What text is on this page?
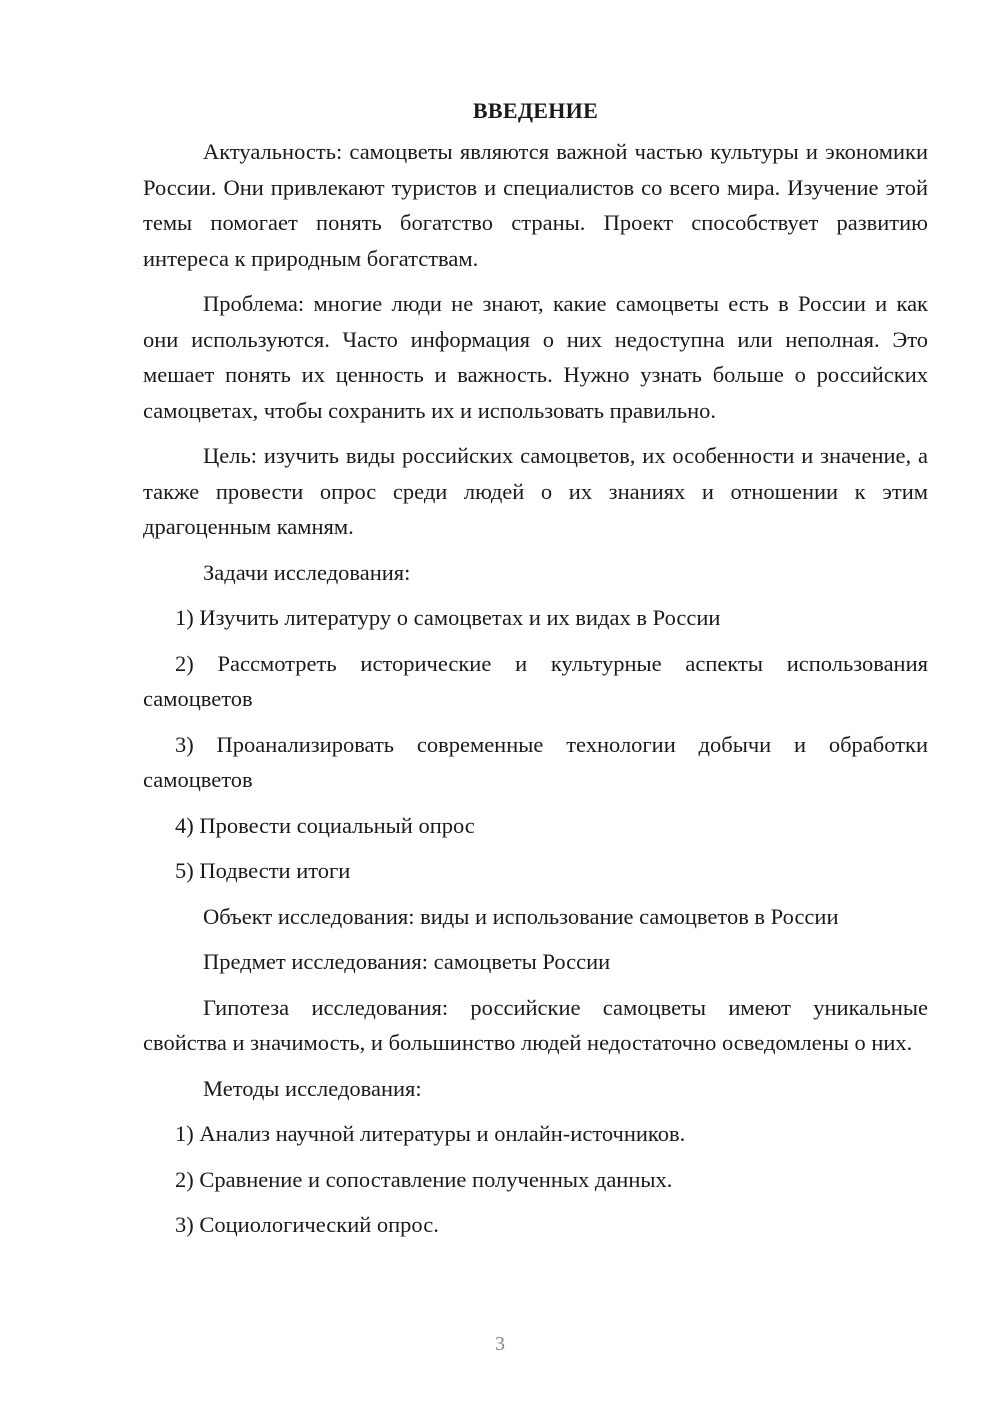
ВВЕДЕНИЕ

Актуальность: самоцветы являются важной частью культуры и экономики России. Они привлекают туристов и специалистов со всего мира. Изучение этой темы помогает понять богатство страны. Проект способствует развитию интереса к природным богатствам.

Проблема: многие люди не знают, какие самоцветы есть в России и как они используются. Часто информация о них недоступна или неполная. Это мешает понять их ценность и важность. Нужно узнать больше о российских самоцветах, чтобы сохранить их и использовать правильно.

Цель: изучить виды российских самоцветов, их особенности и значение, а также провести опрос среди людей о их знаниях и отношении к этим драгоценным камням.

Задачи исследования:

1) Изучить литературу о самоцветах и их видах в России

2) Рассмотреть исторические и культурные аспекты использования самоцветов

3) Проанализировать современные технологии добычи и обработки самоцветов

4) Провести социальный опрос

5) Подвести итоги

Объект исследования: виды и использование самоцветов в России
Предмет исследования: самоцветы России

Гипотеза исследования: российские самоцветы имеют уникальные свойства и значимость, и большинство людей недостаточно осведомлены о них.

Методы исследования:

1) Анализ научной литературы и онлайн-источников.

2) Сравнение и сопоставление полученных данных.

3) Социологический опрос.

3
